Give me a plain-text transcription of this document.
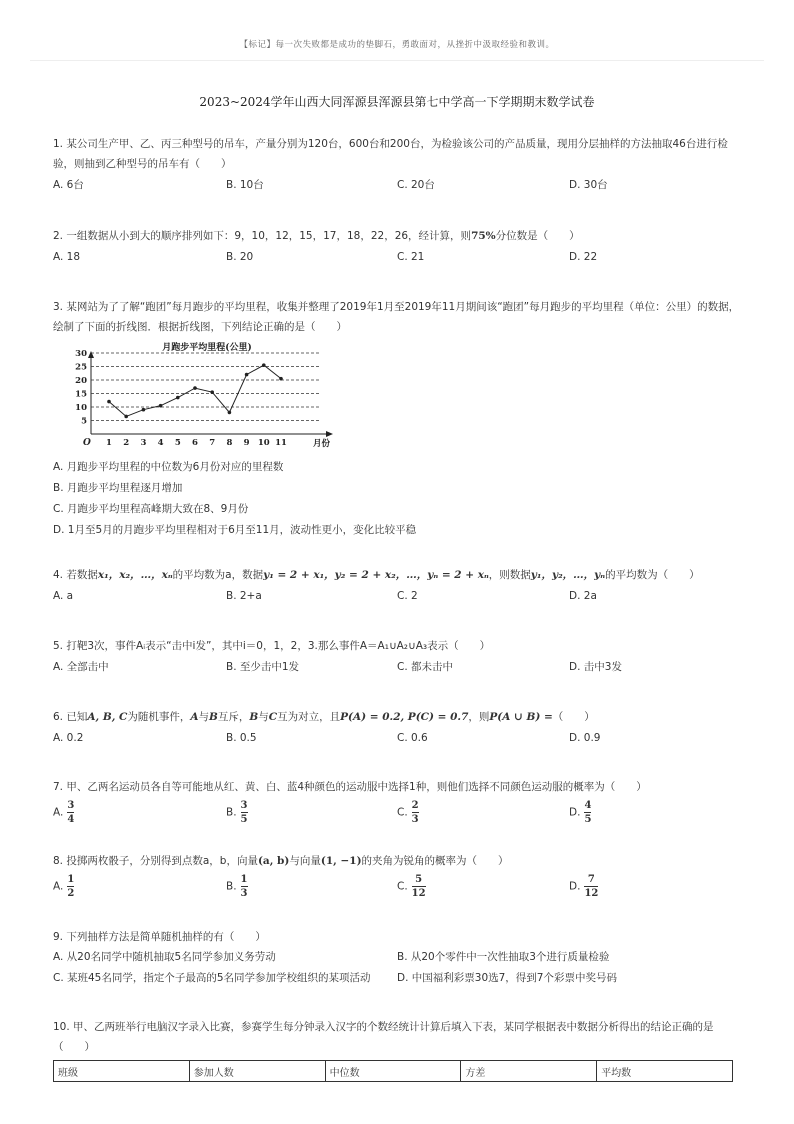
【标记】每一次失败都是成功的垫脚石，勇敢面对，从挫折中汲取经验和教训。
2023~2024学年山西大同浑源县浑源县第七中学高一下学期期末数学试卷

1. 某公司生产甲、乙、丙三种型号的吊车，产量分别为120台，600台和200台，为检验该公司的产品质量，现用分层抽样的方法抽取46台进行检验，则抽到乙种型号的吊车有（　　）

A. 6台	B. 10台	C. 20台	D. 30台

2. 一组数据从小到大的顺序排列如下：9，10，12，15，17，18，22，26，经计算，则75%分位数是（　　）

A. 18	B. 20	C. 21	D. 22

3. 某网站为了了解“跑团”每月跑步的平均里程，收集并整理了2019年1月至2019年11月期间该“跑团”每月跑步的平均里程（单位：公里）的数据，绘制了下面的折线图．根据折线图，下列结论正确的是（　　）

月跑步平均里程(公里)
5
10
15
20
25
30
1 2 3 4 5 6 7 8 9 10 11
O	月份
A. 月跑步平均里程的中位数为6月份对应的里程数
B. 月跑步平均里程逐月增加
C. 月跑步平均里程高峰期大致在8、9月份
D. 1月至5月的月跑步平均里程相对于6月至11月，波动性更小，变化比较平稳

4. 若数据x₁，x₂，…，xₙ的平均数为a，数据y₁ = 2 + x₁，y₂ = 2 + x₂，…，yₙ = 2 + xₙ，则数据y₁，y₂，…，yₙ的平均数为（　　）

A. a	B. 2+a	C. 2	D. 2a

5. 打靶3次，事件Aᵢ表示“击中i发”，其中i＝0，1，2，3.那么事件A＝A₁∪A₂∪A₃表示（　　）

A. 全部击中	B. 至少击中1发	C. 都未击中	D. 击中3发

6. 已知A, B, C为随机事件，A与B互斥，B与C互为对立，且P(A) = 0.2, P(C) = 0.7，则P(A ∪ B) =（　　）

A. 0.2	B. 0.5	C. 0.6	D. 0.9

7. 甲、乙两名运动员各自等可能地从红、黄、白、蓝4种颜色的运动服中选择1种，则他们选择不同颜色运动服的概率为（　　）

A. $\frac{3}{4}$	B. $\frac{3}{5}$	C. $\frac{2}{3}$	D. $\frac{4}{5}$

8. 投掷两枚骰子，分别得到点数a，b，向量(a, b)与向量(1, −1)的夹角为锐角的概率为（　　）

A. $\frac{1}{2}$	B. $\frac{1}{3}$	C. $\frac{5}{12}$	D. $\frac{7}{12}$

9. 下列抽样方法是简单随机抽样的有（　　）

A. 从20名同学中随机抽取5名同学参加义务劳动	B. 从20个零件中一次性抽取3个进行质量检验
C. 某班45名同学，指定个子最高的5名同学参加学校组织的某项活动	D. 中国福利彩票30选7，得到7个彩票中奖号码

10. 甲、乙两班举行电脑汉字录入比赛，参赛学生每分钟录入汉字的个数经统计计算后填入下表，某同学根据表中数据分析得出的结论正确的是（　　）

班级	参加人数	中位数	方差	平均数
